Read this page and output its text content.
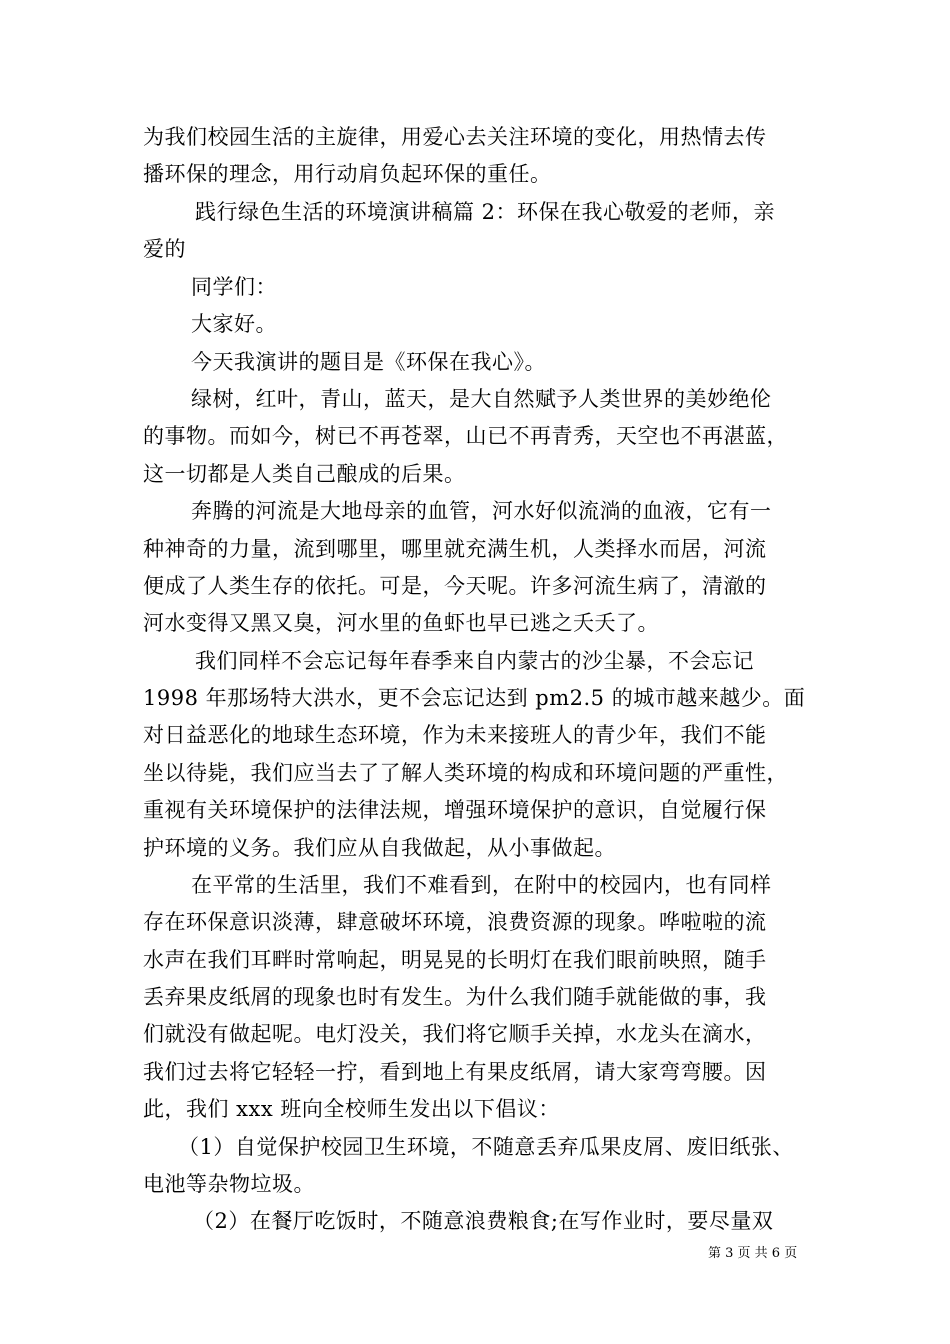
为我们校园生活的主旋律，用爱心去关注环境的变化，用热情去传
播环保的理念，用行动肩负起环保的重任。
践行绿色生活的环境演讲稿篇 2：环保在我心敬爱的老师，亲
爱的
同学们：
大家好。
今天我演讲的题目是《环保在我心》。
绿树，红叶，青山，蓝天，是大自然赋予人类世界的美妙绝伦
的事物。而如今，树已不再苍翠，山已不再青秀，天空也不再湛蓝，
这一切都是人类自己酿成的后果。
奔腾的河流是大地母亲的血管，河水好似流淌的血液，它有一
种神奇的力量，流到哪里，哪里就充满生机，人类择水而居，河流
便成了人类生存的依托。可是，今天呢。许多河流生病了，清澈的
河水变得又黑又臭，河水里的鱼虾也早已逃之夭夭了。
我们同样不会忘记每年春季来自内蒙古的沙尘暴，不会忘记
1998 年那场特大洪水，更不会忘记达到 pm2.5 的城市越来越少。面
对日益恶化的地球生态环境，作为未来接班人的青少年，我们不能
坐以待毙，我们应当去了了解人类环境的构成和环境问题的严重性，
重视有关环境保护的法律法规，增强环境保护的意识，自觉履行保
护环境的义务。我们应从自我做起，从小事做起。
在平常的生活里，我们不难看到，在附中的校园内，也有同样
存在环保意识淡薄，肆意破坏环境，浪费资源的现象。哗啦啦的流
水声在我们耳畔时常响起，明晃晃的长明灯在我们眼前映照，随手
丢弃果皮纸屑的现象也时有发生。为什么我们随手就能做的事，我
们就没有做起呢。电灯没关，我们将它顺手关掉，水龙头在滴水，
我们过去将它轻轻一拧，看到地上有果皮纸屑，请大家弯弯腰。因
此，我们 xxx 班向全校师生发出以下倡议：
（1）自觉保护校园卫生环境，不随意丢弃瓜果皮屑、废旧纸张、
电池等杂物垃圾。
（2）在餐厅吃饭时，不随意浪费粮食;在写作业时，要尽量双
第 3 页 共 6 页
